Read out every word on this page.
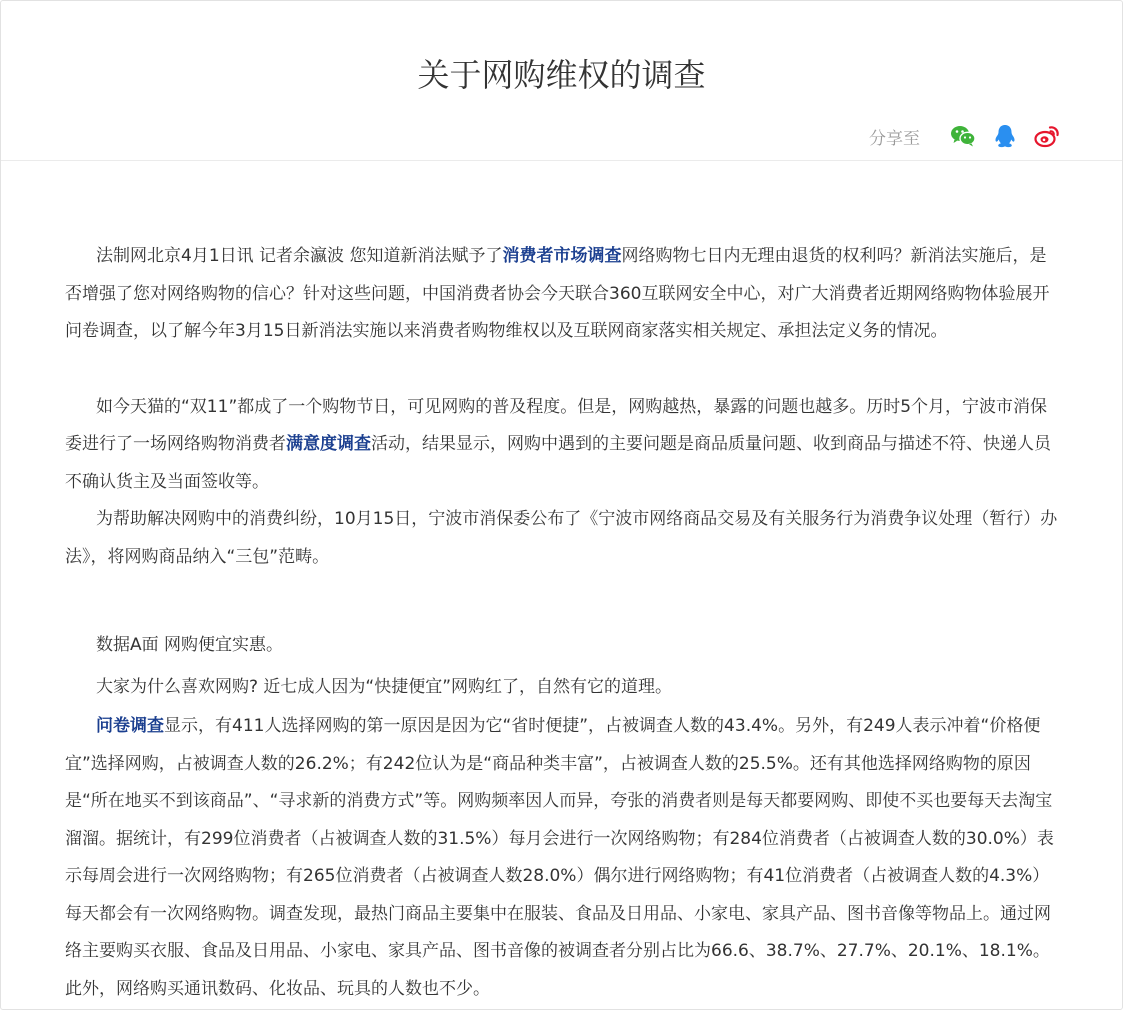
关于网购维权的调查
分享至

法制网北京4月1日讯 记者余瀛波 您知道新消法赋予了消费者市场调查网络购物七日内无理由退货的权利吗？新消法实施后，是否增强了您对网络购物的信心？针对这些问题，中国消费者协会今天联合360互联网安全中心，对广大消费者近期网络购物体验展开问卷调查，以了解今年3月15日新消法实施以来消费者购物维权以及互联网商家落实相关规定、承担法定义务的情况。

如今天猫的“双11”都成了一个购物节日，可见网购的普及程度。但是，网购越热，暴露的问题也越多。历时5个月，宁波市消保委进行了一场网络购物消费者满意度调查活动，结果显示，网购中遇到的主要问题是商品质量问题、收到商品与描述不符、快递人员不确认货主及当面签收等。

为帮助解决网购中的消费纠纷，10月15日，宁波市消保委公布了《宁波市网络商品交易及有关服务行为消费争议处理（暂行）办法》，将网购商品纳入“三包”范畴。

数据A面 网购便宜实惠。

大家为什么喜欢网购? 近七成人因为“快捷便宜”网购红了，自然有它的道理。

问卷调查显示，有411人选择网购的第一原因是因为它“省时便捷”，占被调查人数的43.4%。另外，有249人表示冲着“价格便宜”选择网购，占被调查人数的26.2%；有242位认为是“商品种类丰富”，占被调查人数的25.5%。还有其他选择网络购物的原因是“所在地买不到该商品”、“寻求新的消费方式”等。网购频率因人而异，夸张的消费者则是每天都要网购、即使不买也要每天去淘宝溜溜。据统计，有299位消费者（占被调查人数的31.5%）每月会进行一次网络购物；有284位消费者（占被调查人数的30.0%）表示每周会进行一次网络购物；有265位消费者（占被调查人数28.0%）偶尔进行网络购物；有41位消费者（占被调查人数的4.3%）每天都会有一次网络购物。调查发现，最热门商品主要集中在服装、食品及日用品、小家电、家具产品、图书音像等物品上。通过网络主要购买衣服、食品及日用品、小家电、家具产品、图书音像的被调查者分别占比为66.6、38.7%、27.7%、20.1%、18.1%。此外，网络购买通讯数码、化妆品、玩具的人数也不少。
